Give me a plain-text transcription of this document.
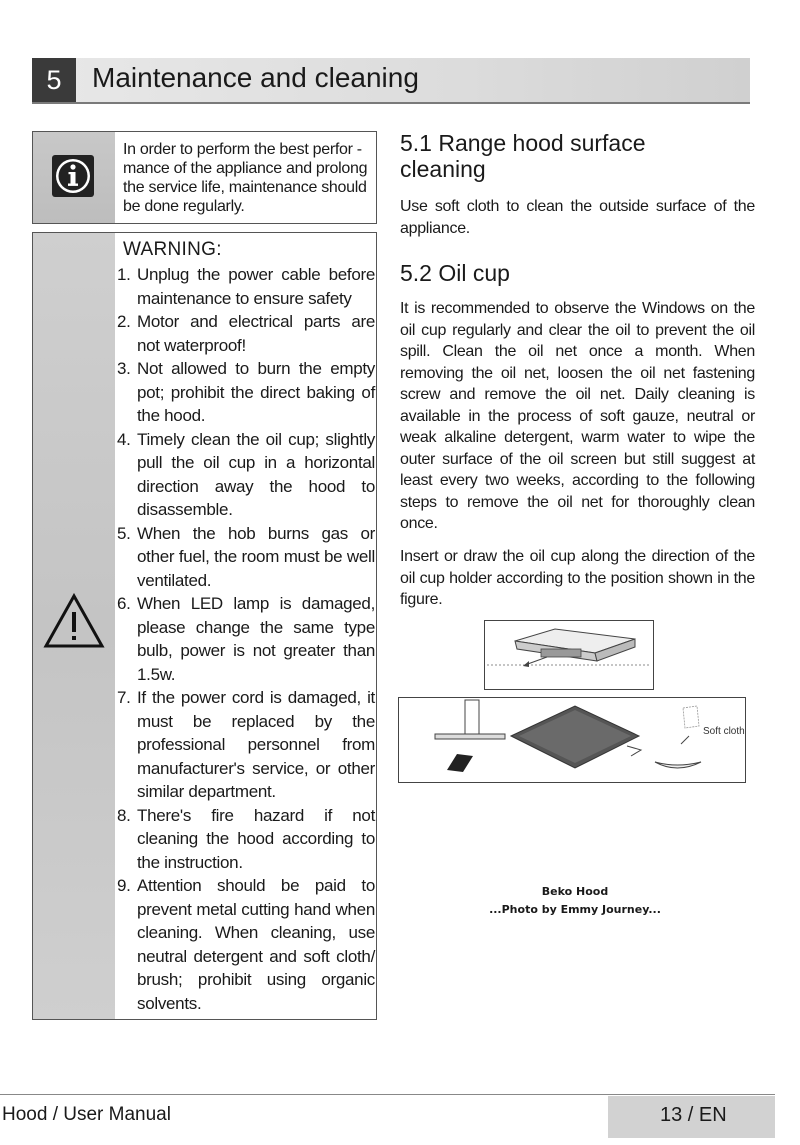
5	Maintenance and cleaning
In order to perform the best perfor - mance of the appliance and prolong the service life, maintenance should be done regularly.
WARNING:
1. Unplug the power cable before maintenance to ensure safety
2. Motor and electrical parts are not waterproof!
3. Not allowed to burn the empty pot; prohibit the direct baking of the hood.
4. Timely clean the oil cup; slightly pull the oil cup in a horizontal direction away the hood to disassemble.
5. When the hob burns gas or other fuel, the room must be well ventilated.
6. When LED lamp is damaged, please change the same type bulb, power is not greater than 1.5w.
7. If the power cord is damaged, it must be replaced by the professional personnel from manufacturer's service, or other similar department.
8. There's fire hazard if not cleaning the hood according to the instruction.
9. Attention should be paid to prevent metal cutting hand when cleaning. When cleaning, use neutral detergent and soft cloth/ brush; prohibit using organic solvents.
5.1 Range hood surface
cleaning
Use soft cloth to clean the outside surface of the appliance.
5.2 Oil cup
It is recommended to observe the Windows on the oil cup regularly and clear the oil to prevent the oil spill. Clean the oil net once a month. When removing the oil net, loosen the oil net fastening screw and remove the oil net. Daily cleaning is available in the process of soft gauze, neutral or weak alkaline detergent, warm water to wipe the outer surface of the oil screen but still suggest at least every two weeks, according to the following steps to remove the oil net for thoroughly clean once.
Insert or draw the oil cup along the direction of the oil cup holder according to the position shown in the figure.
Soft cloth
Beko Hood
...Photo by Emmy Journey...
Hood / User Manual	13 / EN
